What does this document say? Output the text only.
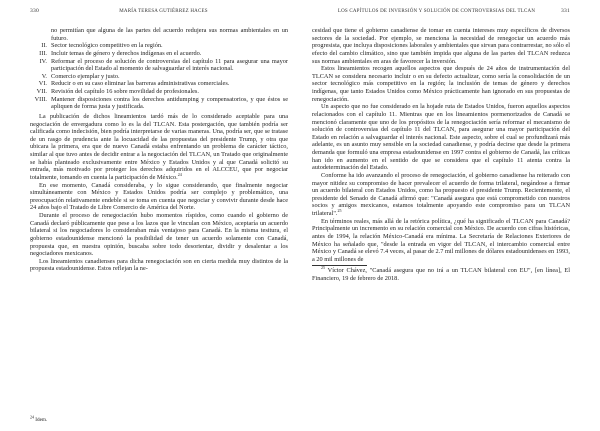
330	MARÍA TERESA GUTIÉRREZ HACES

no permitían que alguna de las partes del acuerdo redujera sus normas ambientales en un futuro.

II. Sector tecnológico competitivo en la región.
III. Incluir temas de género y derechos indígenas en el acuerdo.
IV. Reformar el proceso de solución de controversias del capítulo 11 para asegurar una mayor participación del Estado al momento de salvaguardar el interés nacional.
V. Comercio ejemplar y justo.
VI. Reducir o en su caso eliminar las barreras administrativas comerciales.
VII. Revisión del capítulo 16 sobre movilidad de profesionales.
VIII. Mantener disposiciones contra los derechos antidumping y compensatorios, y que éstos se apliquen de forma justa y justificada.

La publicación de dichos lineamientos tardó más de lo considerado aceptable para una negociación de envergadura como lo es la del TLCAN. Esta postergación, que también podría ser calificada como indecisión, bien podría interpretarse de varias maneras. Una, podría ser, que se tratase de un rasgo de prudencia ante la locuacidad de las propuestas del presidente Trump, y otra que ubicara la primera, era que de nuevo Canadá estaba enfrentando un problema de carácter táctico, similar al que tuvo antes de decidir entrar a la negociación del TLCAN, un Tratado que originalmente se había planteado exclusivamente entre México y Estados Unidos y al que Canadá solicitó su entrada, más motivado por proteger los derechos adquiridos en el ALCCEU, que por negociar totalmente, tomando en cuenta la participación de México.$^{24}$

En ese momento, Canadá consideraba, y lo sigue considerando, que finalmente negociar simultáneamente con México y Estados Unidos podría ser complejo y problemático, una preocupación relativamente endeble si se toma en cuenta que negociar y convivir durante desde hace 24 años bajo el Tratado de Libre Comercio de América del Norte.

Durante el proceso de renegociación hubo momentos ríspidos, como cuando el gobierno de Canadá declaró públicamente que pese a los lazos que le vinculan con México, aceptaría un acuerdo bilateral si los negociadores lo consideraban más ventajoso para Canadá. En la misma tesitura, el gobierno estadounidense mencionó la posibilidad de tener un acuerdo solamente con Canadá, propuesta que, en nuestra opinión, buscaba sobre todo desorientar, dividir y desalentar a los negociadores mexicanos.

Los lineamientos canadienses para dicha renegociación son en cierta medida muy distintos de la propuesta estadounidense. Estos reflejan la ne-

$^{24}$ Idem.
LOS CAPÍTULOS DE INVERSIÓN Y SOLUCIÓN DE CONTROVERSIAS DEL TLCAN	331

cesidad que tiene el gobierno canadiense de tomar en cuenta intereses muy específicos de diversos sectores de la sociedad. Por ejemplo, se menciona la necesidad de renegociar un acuerdo más progresista, que incluya disposiciones laborales y ambientales que sirvan para contrarrestar, no sólo el efecto del cambio climático, sino que también impida que alguna de las partes del TLCAN reduzca sus normas ambientales en aras de favorecer la inversión.

Estos lineamientos recogen aquellos aspectos que después de 24 años de instrumentación del TLCAN se considera necesario incluir o en su defecto actualizar, como sería la consolidación de un sector tecnológico más competitivo en la región; la inclusión de temas de género y derechos indígenas, que tanto Estados Unidos como México prácticamente han ignorado en sus propuestas de renegociación.

Un aspecto que no fue considerado en la hojade ruta de Estados Unidos, fueron aquellos aspectos relacionados con el capítulo 11. Mientras que en los lineamientos pormenorizados de Canadá se mencionó claramente que uno de los propósitos de la renegociación sería reformar el mecanismo de solución de controversias del capítulo 11 del TLCAN, para asegurar una mayor participación del Estado en relación a salvaguardar el interés nacional. Este aspecto, sobre el cual se profundizará más adelante, es un asunto muy sensible en la sociedad canadiense, y podría decirse que desde la primera demanda que formuló una empresa estadounidense en 1997 contra el gobierno de Canadá, las críticas han ido en aumento en el sentido de que se considera que el capítulo 11 atenta contra la autodeterminación del Estado.

Conforme ha ido avanzando el proceso de renegociación, el gobierno canadiense ha reiterado con mayor nitidez su compromiso de hacer prevalecer el acuerdo de forma trilateral, negándose a firmar un acuerdo bilateral con Estados Unidos, como ha propuesto el presidente Trump. Recientemente, el presidente del Senado de Canadá afirmó que: "Canadá asegura que está comprometido con nuestros socios y amigos mexicanos, estamos totalmente apoyando este compromiso para un TLCAN trilateral".$^{25}$

En términos reales, más allá de la retórica política, ¿qué ha significado el TLCAN para Canadá? Principalmente un incremento en su relación comercial con México. De acuerdo con cifras históricas, antes de 1994, la relación México-Canadá era mínima. La Secretaría de Relaciones Exteriores de México ha señalado que, "desde la entrada en vigor del TLCAN, el intercambio comercial entre México y Canadá se elevó 7.4 veces, al pasar de 2.7 mil millones de dólares estadounidenses en 1993, a 20 mil millones de

$^{25}$ Víctor Chávez, "Canadá asegura que no irá a un TLCAN bilateral con EU", [en línea], El Financiero, 19 de febrero de 2018.
